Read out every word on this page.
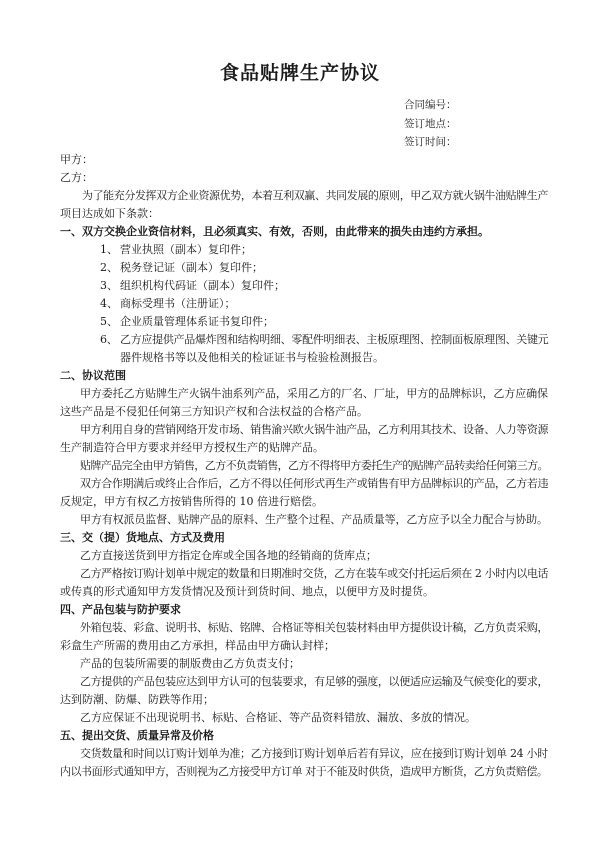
食品贴牌生产协议
合同编号：
签订地点：
签订时间：
甲方：
乙方：
为了能充分发挥双方企业资源优势，本着互利双赢、共同发展的原则，甲乙双方就火锅牛油贴牌生产
项目达成如下条款：
一、双方交换企业资信材料，且必须真实、有效，否则，由此带来的损失由违约方承担。
1、 营业执照（副本）复印件；
2、 税务登记证（副本）复印件；
3、 组织机构代码证（副本）复印件；
4、 商标受理书（注册证）；
5、 企业质量管理体系证书复印件；
6、 乙方应提供产品爆炸图和结构明细、零配件明细表、主板原理图、控制面板原理图、关键元
器件规格书等以及他相关的检证证书与检验检测报告。
二、协议范围
甲方委托乙方贴牌生产火锅牛油系列产品，采用乙方的厂名、厂址，甲方的品牌标识，乙方应确保
这些产品是不侵犯任何第三方知识产权和合法权益的合格产品。
甲方利用自身的营销网络开发市场、销售渝兴欧火锅牛油产品，乙方利用其技术、设备、人力等资源
生产制造符合甲方要求并经甲方授权生产的贴牌产品。
贴牌产品完全由甲方销售，乙方不负责销售，乙方不得将甲方委托生产的贴牌产品转卖给任何第三方。
双方合作期满后或终止合作后，乙方不得以任何形式再生产或销售有甲方品牌标识的产品，乙方若违
反规定，甲方有权乙方按销售所得的 10 倍进行赔偿。
甲方有权派员监督、贴牌产品的原料、生产整个过程、产品质量等，乙方应予以全力配合与协助。
三、交（提）货地点、方式及费用
乙方直接送货到甲方指定仓库或全国各地的经销商的货库点；
乙方严格按订购计划单中规定的数量和日期准时交货，乙方在装车或交付托运后须在 2 小时内以电话
或传真的形式通知甲方发货情况及预计到货时间、地点，以便甲方及时提货。
四、产品包装与防护要求
外箱包装、彩盒、说明书、标贴、铭牌、合格证等相关包装材料由甲方提供设计稿，乙方负责采购，
彩盒生产所需的费用由乙方承担，样品由甲方确认封样；
产品的包装所需要的制版费由乙方负责支付；
乙方提供的产品包装应达到甲方认可的包装要求，有足够的强度，以便适应运输及气候变化的要求，
达到防潮、防爆、防跌等作用；
乙方应保证不出现说明书、标贴、合格证、等产品资料错放、漏放、多放的情况。
五、提出交货、质量异常及价格
交货数量和时间以订购计划单为准；乙方接到订购计划单后若有异议，应在接到订购计划单 24 小时
内以书面形式通知甲方，否则视为乙方接受甲方订单 对于不能及时供货，造成甲方断货，乙方负责赔偿。
